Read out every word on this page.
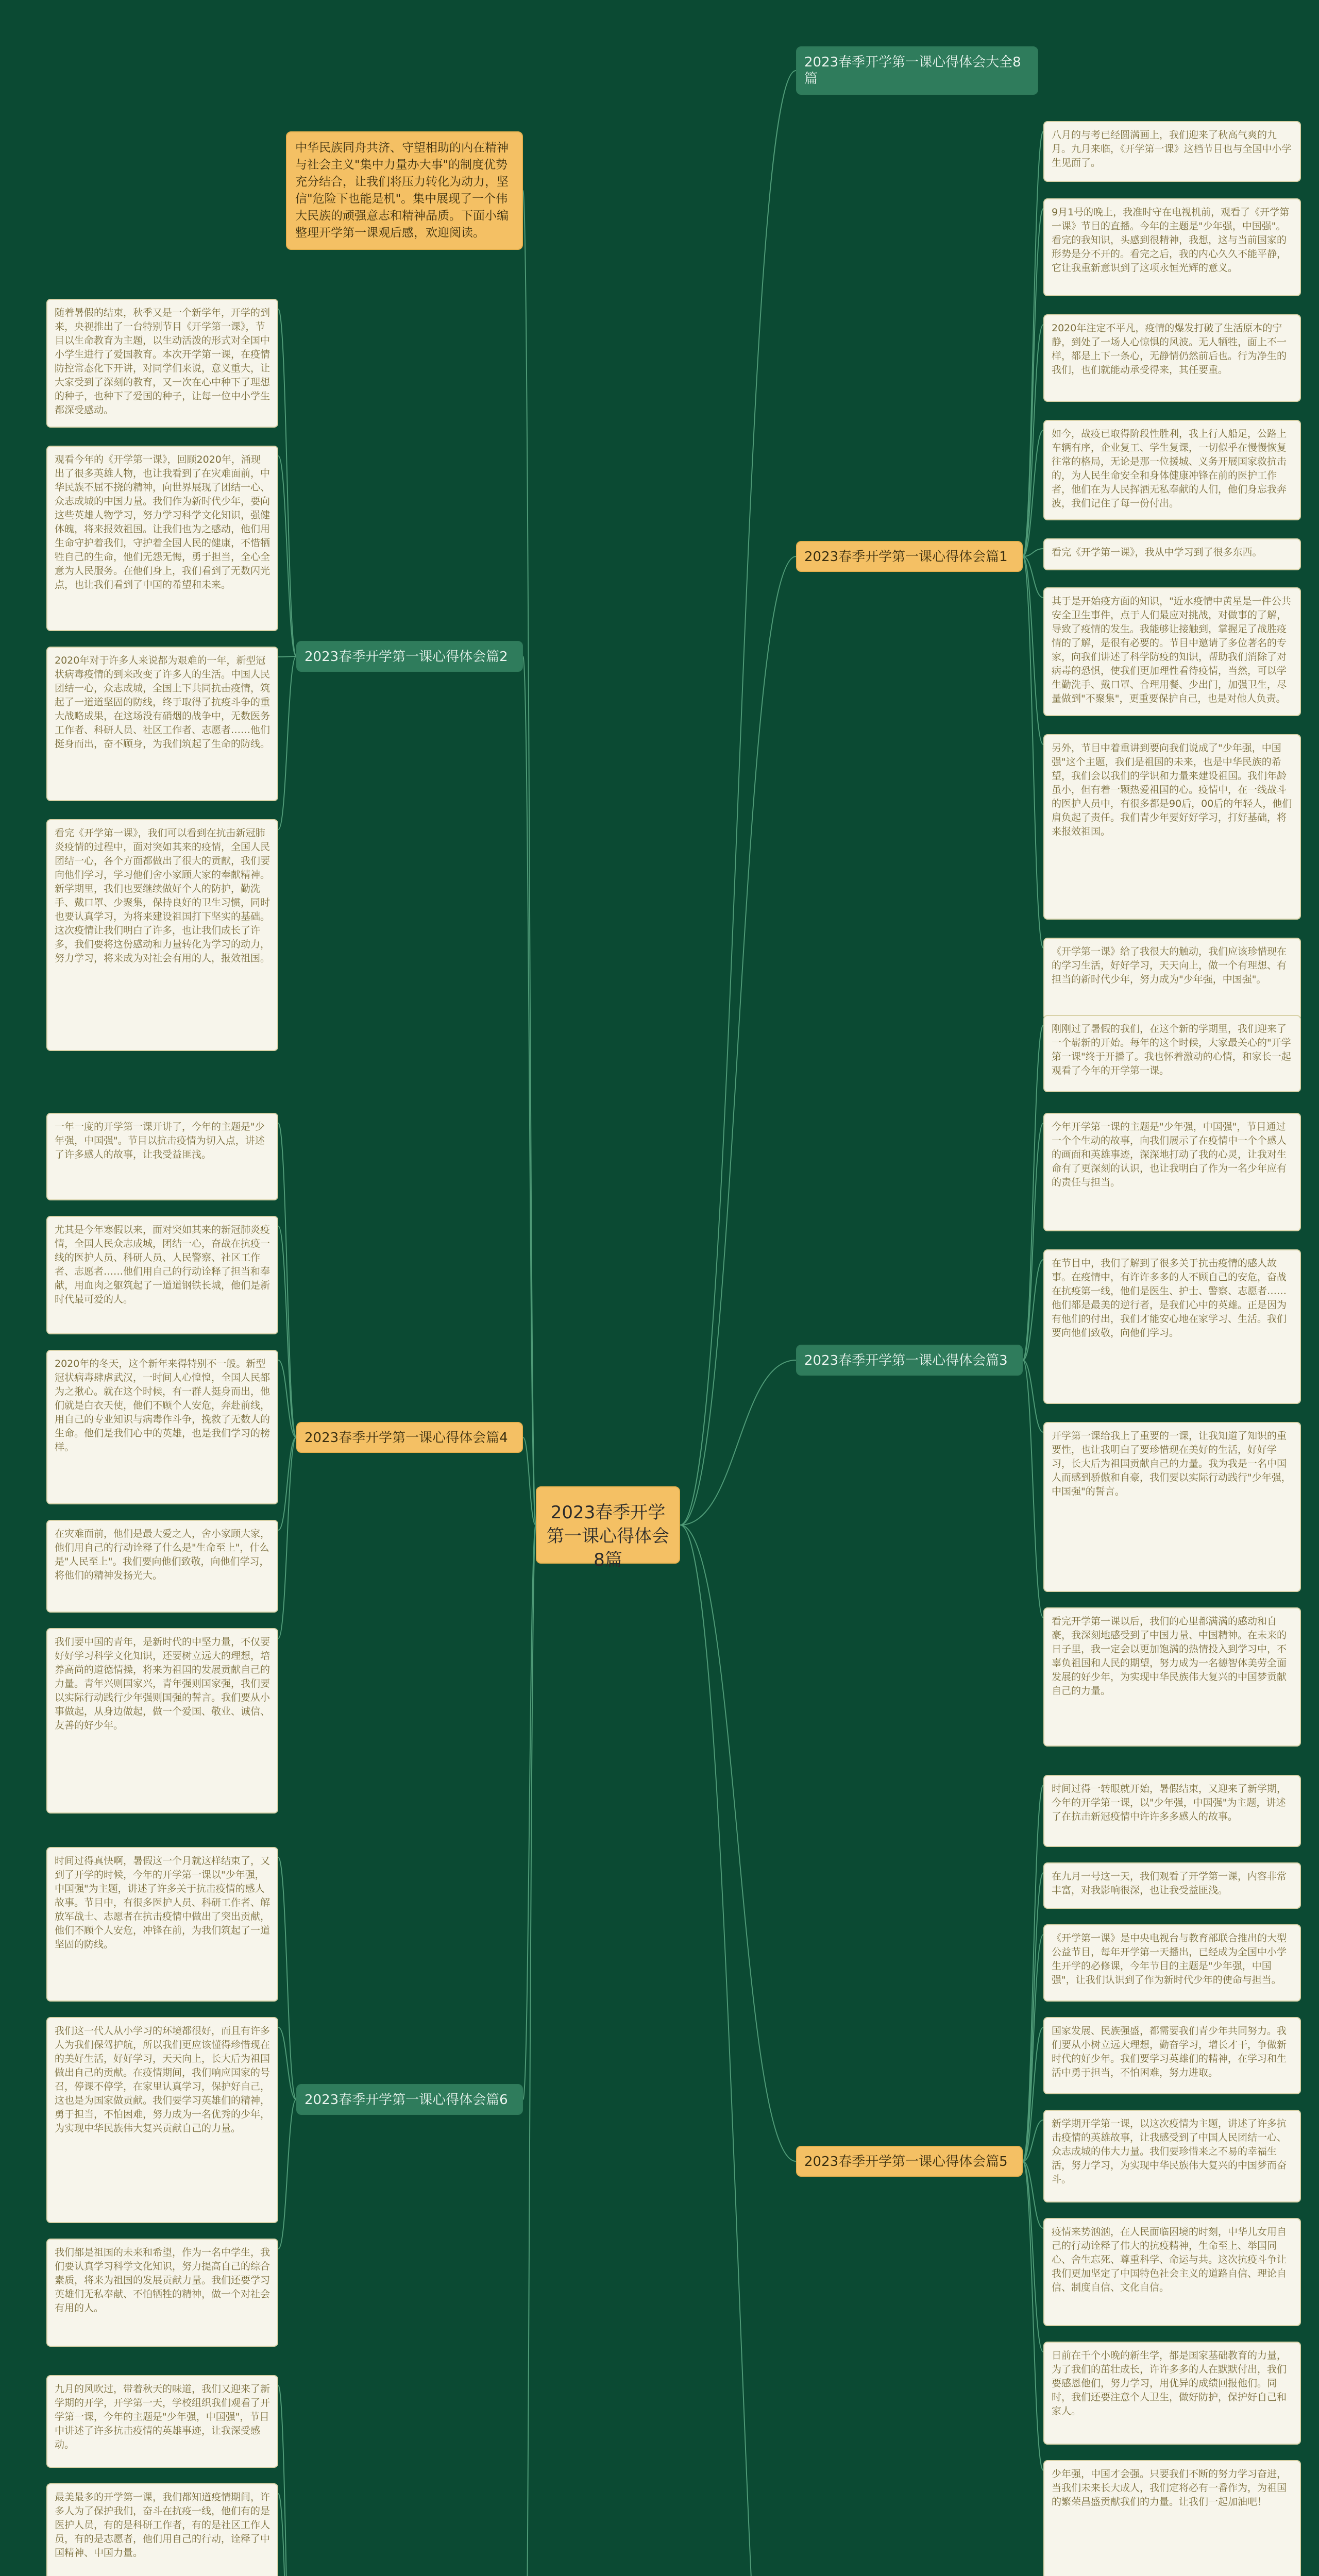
2023春季开学第一课心得体会8篇
中华民族同舟共济、守望相助的内在精神与社会主义"集中力量办大事"的制度优势充分结合，让我们将压力转化为动力，坚信"危险下也能是机"。集中展现了一个伟大民族的顽强意志和精神品质。下面小编整理开学第一课观后感，欢迎阅读。
2023春季开学第一课心得体会大全8篇
2023春季开学第一课心得体会篇1
2023春季开学第一课心得体会篇2
2023春季开学第一课心得体会篇3
2023春季开学第一课心得体会篇4
2023春季开学第一课心得体会篇5
2023春季开学第一课心得体会篇6
八月的与考已经圆满画上，我们迎来了秋高气爽的九月。九月来临，《开学第一课》这档节目也与全国中小学生见面了。
9月1号的晚上，我准时守在电视机前，观看了《开学第一课》节目的直播。今年的主题是"少年强，中国强"。看完的我知识，头感到很精神，我想，这与当前国家的形势是分不开的。看完之后，我的内心久久不能平静，它让我重新意识到了这项永恒光辉的意义。
2020年注定不平凡，疫情的爆发打破了生活原本的宁静，到处了一场人心惊惧的风波。无人牺牲，面上不一样，都是上下一条心，无静情仍然前后也。行为净生的我们，也们就能动承受得来，其任要重。
如今，战疫已取得阶段性胜利，我上行人船足，公路上车辆有序，企业复工、学生复课，一切似乎在慢慢恢复往常的格局，无论是那一位援城、义务开展国家救抗击的，为人民生命安全和身体健康冲锋在前的医护工作者，他们在为人民挥洒无私奉献的人们，他们身忘我奔波，我们记住了每一份付出。
看完《开学第一课》，我从中学习到了很多东西。
其于是开始疫方面的知识，"近水疫情中黄星是一件公共安全卫生事件，点于人们最应对挑战，对做事的了解，导致了疫情的发生。我能够让接触到，掌握足了战胜疫情的了解，是很有必要的。节目中邀请了多位著名的专家，向我们讲述了科学防疫的知识，帮助我们消除了对病毒的恐惧，使我们更加理性看待疫情，当然，可以学生勤洗手、戴口罩、合理用餐、少出门，加强卫生，尽量做到"不聚集"，更重要保护自己，也是对他人负责。
另外，节目中着重讲到要向我们说成了"少年强，中国强"这个主题，我们是祖国的未来，也是中华民族的希望，我们会以我们的学识和力量来建设祖国。我们年龄虽小，但有着一颗热爱祖国的心。疫情中，在一线战斗的医护人员中，有很多都是90后，00后的年轻人，他们肩负起了责任。我们青少年要好好学习，打好基础，将来报效祖国。
《开学第一课》给了我很大的触动，我们应该珍惜现在的学习生活，好好学习，天天向上，做一个有理想、有担当的新时代少年，努力成为"少年强，中国强"。
随着暑假的结束，秋季又是一个新学年，开学的到来，央视推出了一台特别节目《开学第一课》，节目以生命教育为主题，以生动活泼的形式对全国中小学生进行了爱国教育。本次开学第一课，在疫情防控常态化下开讲，对同学们来说，意义重大，让大家受到了深刻的教育，又一次在心中种下了理想的种子，也种下了爱国的种子，让每一位中小学生都深受感动。
观看今年的《开学第一课》，回顾2020年，涌现出了很多英雄人物，也让我看到了在灾难面前，中华民族不屈不挠的精神，向世界展现了团结一心、众志成城的中国力量。我们作为新时代少年，要向这些英雄人物学习，努力学习科学文化知识，强健体魄，将来报效祖国。让我们也为之感动，他们用生命守护着我们，守护着全国人民的健康，不惜牺牲自己的生命，他们无怨无悔，勇于担当，全心全意为人民服务。在他们身上，我们看到了无数闪光点，也让我们看到了中国的希望和未来。
2020年对于许多人来说都为艰难的一年，新型冠状病毒疫情的到来改变了许多人的生活。中国人民团结一心，众志成城，全国上下共同抗击疫情，筑起了一道道坚固的防线，终于取得了抗疫斗争的重大战略成果，在这场没有硝烟的战争中，无数医务工作者、科研人员、社区工作者、志愿者……他们挺身而出，奋不顾身，为我们筑起了生命的防线。
看完《开学第一课》，我们可以看到在抗击新冠肺炎疫情的过程中，面对突如其来的疫情，全国人民团结一心，各个方面都做出了很大的贡献，我们要向他们学习，学习他们舍小家顾大家的奉献精神。新学期里，我们也要继续做好个人的防护，勤洗手、戴口罩、少聚集，保持良好的卫生习惯，同时也要认真学习，为将来建设祖国打下坚实的基础。这次疫情让我们明白了许多，也让我们成长了许多，我们要将这份感动和力量转化为学习的动力，努力学习，将来成为对社会有用的人，报效祖国。
刚刚过了暑假的我们，在这个新的学期里，我们迎来了一个崭新的开始。每年的这个时候，大家最关心的"开学第一课"终于开播了。我也怀着激动的心情，和家长一起观看了今年的开学第一课。
今年开学第一课的主题是"少年强，中国强"，节目通过一个个生动的故事，向我们展示了在疫情中一个个感人的画面和英雄事迹，深深地打动了我的心灵，让我对生命有了更深刻的认识，也让我明白了作为一名少年应有的责任与担当。
在节目中，我们了解到了很多关于抗击疫情的感人故事。在疫情中，有许许多多的人不顾自己的安危，奋战在抗疫第一线，他们是医生、护士、警察、志愿者……他们都是最美的逆行者，是我们心中的英雄。正是因为有他们的付出，我们才能安心地在家学习、生活。我们要向他们致敬，向他们学习。
开学第一课给我上了重要的一课，让我知道了知识的重要性，也让我明白了要珍惜现在美好的生活，好好学习，长大后为祖国贡献自己的力量。我为我是一名中国人而感到骄傲和自豪，我们要以实际行动践行"少年强，中国强"的誓言。
看完开学第一课以后，我们的心里都满满的感动和自豪，我深刻地感受到了中国力量、中国精神。在未来的日子里，我一定会以更加饱满的热情投入到学习中，不辜负祖国和人民的期望，努力成为一名德智体美劳全面发展的好少年，为实现中华民族伟大复兴的中国梦贡献自己的力量。
一年一度的开学第一课开讲了，今年的主题是"少年强，中国强"。节目以抗击疫情为切入点，讲述了许多感人的故事，让我受益匪浅。
尤其是今年寒假以来，面对突如其来的新冠肺炎疫情，全国人民众志成城，团结一心，奋战在抗疫一线的医护人员、科研人员、人民警察、社区工作者、志愿者……他们用自己的行动诠释了担当和奉献，用血肉之躯筑起了一道道钢铁长城，他们是新时代最可爱的人。
2020年的冬天，这个新年来得特别不一般。新型冠状病毒肆虐武汉，一时间人心惶惶，全国人民都为之揪心。就在这个时候，有一群人挺身而出，他们就是白衣天使，他们不顾个人安危，奔赴前线，用自己的专业知识与病毒作斗争，挽救了无数人的生命。他们是我们心中的英雄，也是我们学习的榜样。
在灾难面前，他们是最大爱之人，舍小家顾大家，他们用自己的行动诠释了什么是"生命至上"，什么是"人民至上"。我们要向他们致敬，向他们学习，将他们的精神发扬光大。
我们要中国的青年，是新时代的中坚力量，不仅要好好学习科学文化知识，还要树立远大的理想，培养高尚的道德情操，将来为祖国的发展贡献自己的力量。青年兴则国家兴，青年强则国家强，我们要以实际行动践行少年强则国强的誓言。我们要从小事做起，从身边做起，做一个爱国、敬业、诚信、友善的好少年。
时间过得真快啊，暑假这一个月就这样结束了，又到了开学的时候，今年的开学第一课以"少年强，中国强"为主题，讲述了许多关于抗击疫情的感人故事。节目中，有很多医护人员、科研工作者、解放军战士、志愿者在抗击疫情中做出了突出贡献，他们不顾个人安危，冲锋在前，为我们筑起了一道坚固的防线。
我们这一代人从小学习的环境都很好，而且有许多人为我们保驾护航，所以我们更应该懂得珍惜现在的美好生活，好好学习，天天向上，长大后为祖国做出自己的贡献。在疫情期间，我们响应国家的号召，停课不停学，在家里认真学习，保护好自己，这也是为国家做贡献。我们要学习英雄们的精神，勇于担当，不怕困难，努力成为一名优秀的少年，为实现中华民族伟大复兴贡献自己的力量。
我们都是祖国的未来和希望，作为一名中学生，我们要认真学习科学文化知识，努力提高自己的综合素质，将来为祖国的发展贡献力量。我们还要学习英雄们无私奉献、不怕牺牲的精神，做一个对社会有用的人。
时间过得一转眼就开始，暑假结束，又迎来了新学期，今年的开学第一课，以"少年强，中国强"为主题，讲述了在抗击新冠疫情中许许多多感人的故事。
在九月一号这一天，我们观看了开学第一课，内容非常丰富，对我影响很深，也让我受益匪浅。
《开学第一课》是中央电视台与教育部联合推出的大型公益节目，每年开学第一天播出，已经成为全国中小学生开学的必修课，今年节目的主题是"少年强，中国强"，让我们认识到了作为新时代少年的使命与担当。
国家发展、民族强盛，都需要我们青少年共同努力。我们要从小树立远大理想，勤奋学习，增长才干，争做新时代的好少年。我们要学习英雄们的精神，在学习和生活中勇于担当，不怕困难，努力进取。
新学期开学第一课，以这次疫情为主题，讲述了许多抗击疫情的英雄故事，让我感受到了中国人民团结一心、众志成城的伟大力量。我们要珍惜来之不易的幸福生活，努力学习，为实现中华民族伟大复兴的中国梦而奋斗。
疫情来势汹汹，在人民面临困境的时刻，中华儿女用自己的行动诠释了伟大的抗疫精神，生命至上、举国同心、舍生忘死、尊重科学、命运与共。这次抗疫斗争让我们更加坚定了中国特色社会主义的道路自信、理论自信、制度自信、文化自信。
日前在千个小晚的新生学，都是国家基础教育的力量，为了我们的茁壮成长，许许多多的人在默默付出，我们要感恩他们，努力学习，用优异的成绩回报他们。同时，我们还要注意个人卫生，做好防护，保护好自己和家人。
少年强，中国才会强。只要我们不断的努力学习奋进，当我们未来长大成人，我们定将必有一番作为，为祖国的繁荣昌盛贡献我们的力量。让我们一起加油吧！
九月的风吹过，带着秋天的味道，我们又迎来了新学期的开学，开学第一天，学校组织我们观看了开学第一课，今年的主题是"少年强，中国强"，节目中讲述了许多抗击疫情的英雄事迹，让我深受感动。
最美最多的开学第一课，我们都知道疫情期间，许多人为了保护我们，奋斗在抗疫一线，他们有的是医护人员，有的是科研工作者，有的是社区工作人员，有的是志愿者，他们用自己的行动，诠释了中国精神、中国力量。
